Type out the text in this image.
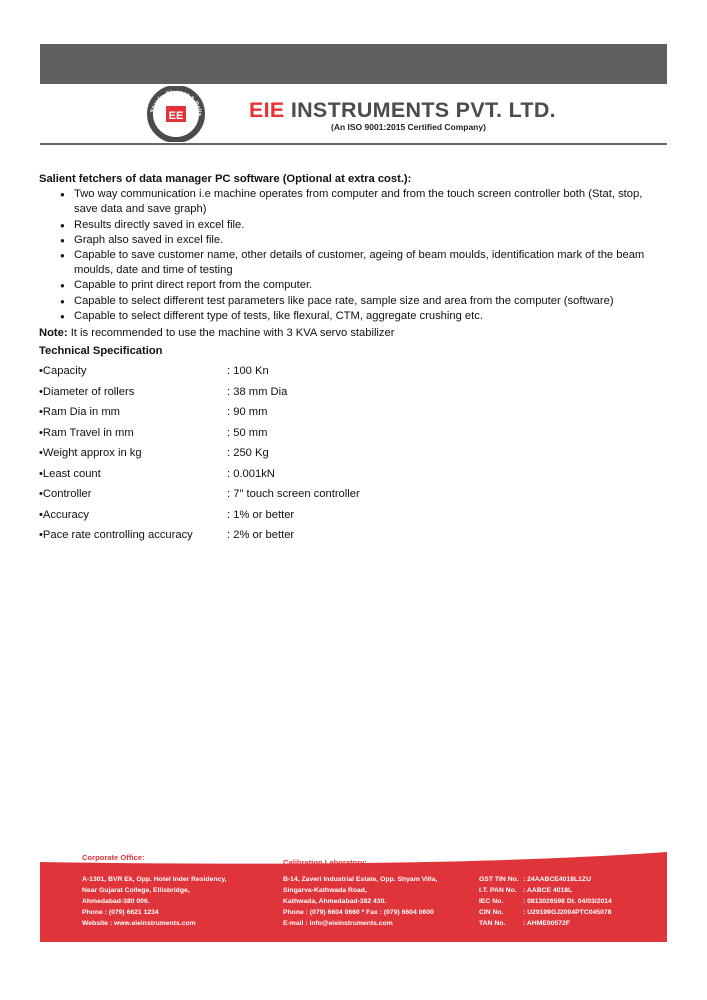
Sturdy, Elegant & Relia
EE	EIE INSTRUMENTS PVT. LTD.
(An ISO 9001:2015 Certified Company)
Salient fetchers of data manager PC software (Optional at extra cost.):
● Two way communication i.e machine operates from computer and from the touch screen controller both (Stat, stop, save data and save graph)
● Results directly saved in excel file.
● Graph also saved in excel file.
● Capable to save customer name, other details of customer, ageing of beam moulds, identification mark of the beam moulds, date and time of testing
● Capable to print direct report from the computer.
● Capable to select different test parameters like pace rate, sample size and area from the computer (software)
● Capable to select different type of tests, like flexural, CTM, aggregate crushing etc.
Note: It is recommended to use the machine with 3 KVA servo stabilizer
Technical Specification
•Capacity	: 100 Kn
•Diameter of rollers	: 38 mm Dia
•Ram Dia in mm	: 90 mm
•Ram Travel in mm	: 50 mm
•Weight approx in kg	: 250 Kg
•Least count	: 0.001kN
•Controller	: 7" touch screen controller
•Accuracy	: 1% or better
•Pace rate controlling accuracy	: 2% or better
Corporate Office:
Calibration Laboratory:
A-1301, BVR Ek, Opp. Hotel Inder Residency,
Near Gujarat College, Ellisbridge,
Ahmedabad-380 006.
Phone : (079) 6621 1234
Website : www.eieinstruments.com
B-14, Zaveri Industrial Estate, Opp. Shyam Villa,
Singarva-Kathwada Road,
Kathwada, Ahmedabad-382 430.
Phone : (079) 6604 0660 * Fax : (079) 6604 0600
E-mail : info@eieinstruments.com
GST TIN No. : 24AABCE4018L1ZU
I.T. PAN No. : AABCE 4018L
IEC No.	: 0813026598 Dt. 04/03/2014
CIN No.	: U29199GJ2004PTC045078
TAN No.	: AHME00572F
